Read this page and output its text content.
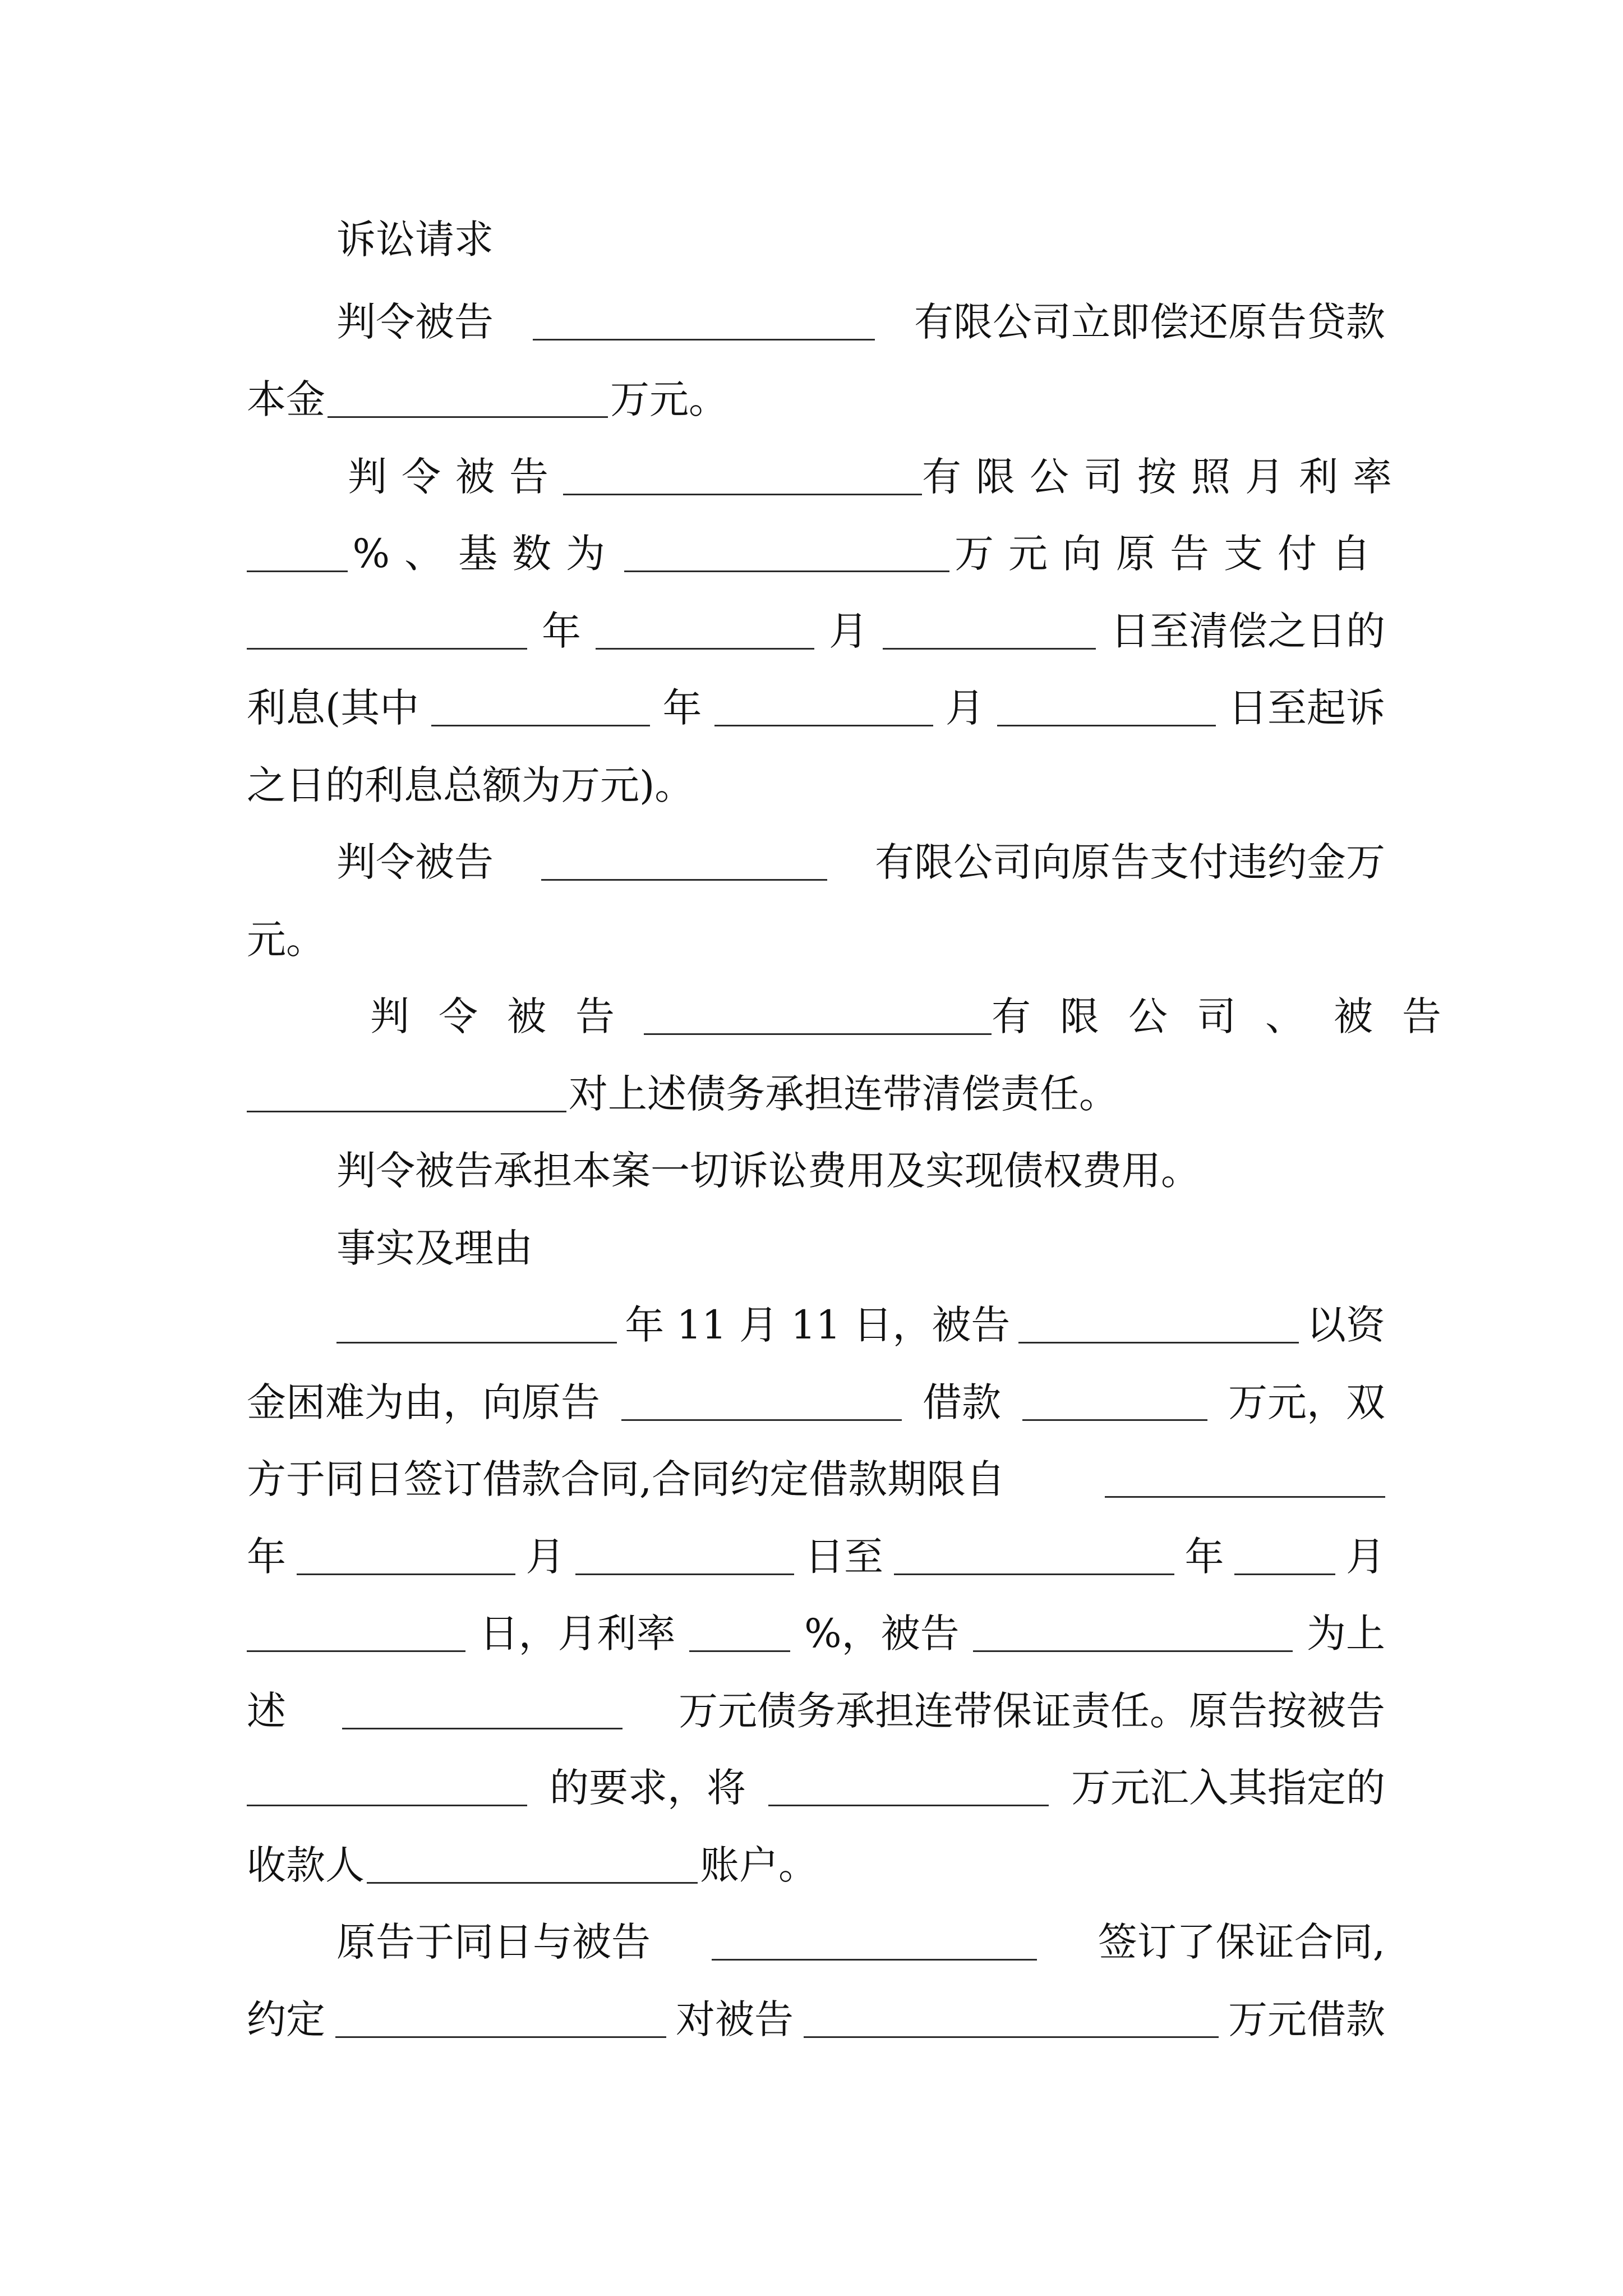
诉讼请求
判令被告	有限公司立即偿还原告贷款
本金	万元。
判令被告	有限公司按照月利率
%、基数为	万元向原告支付自
年	月	日至清偿之日的
利息(其中	年	月	日至起诉
之日的利息总额为万元)。
判令被告	有限公司向原告支付违约金万
元。
判令被告	有限公司、被告
对上述债务承担连带清偿责任。
判令被告承担本案一切诉讼费用及实现债权费用。
事实及理由
年 11 月 11 日，被告	以资
金困难为由，向原告	借款	万元，双
方于同日签订借款合同,合同约定借款期限自
年	月	日至	年	月
日，月利率	%，被告	为上
述	万元债务承担连带保证责任。原告按被告
的要求，将	万元汇入其指定的
收款人	账户。
原告于同日与被告	签订了保证合同,
约定	对被告	万元借款
